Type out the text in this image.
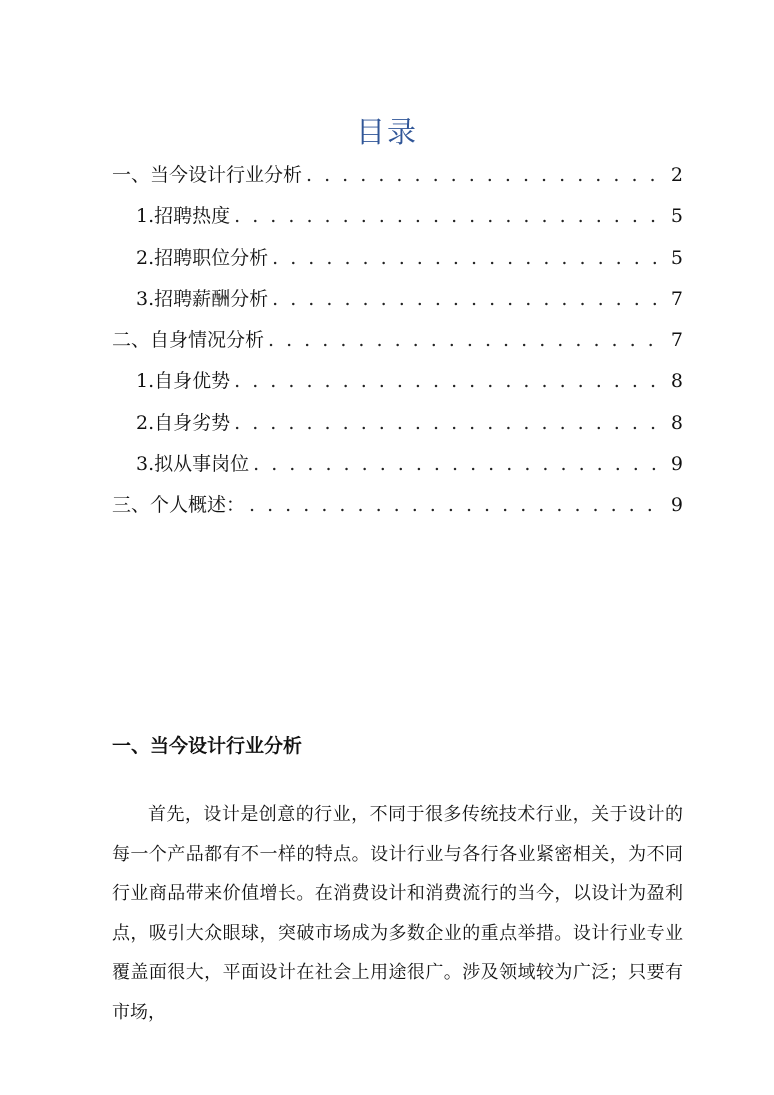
目录
一、当今设计行业分析 . . .	2
1.招聘热度 . . .	5
2.招聘职位分析 . . .	5
3.招聘薪酬分析 . . .	7
二、自身情况分析 . . .	7
1.自身优势 . . .	8
2.自身劣势 . . .	8
3.拟从事岗位 . . .	9
三、个人概述： . . .	9
一、当今设计行业分析

首先，设计是创意的行业，不同于很多传统技术行业，关于设计的每一个产品都有不一样的特点。设计行业与各行各业紧密相关，为不同行业商品带来价值增长。在消费设计和消费流行的当今，以设计为盈利点，吸引大众眼球，突破市场成为多数企业的重点举措。设计行业专业覆盖面很大，平面设计在社会上用途很广。涉及领域较为广泛；只要有市场，
